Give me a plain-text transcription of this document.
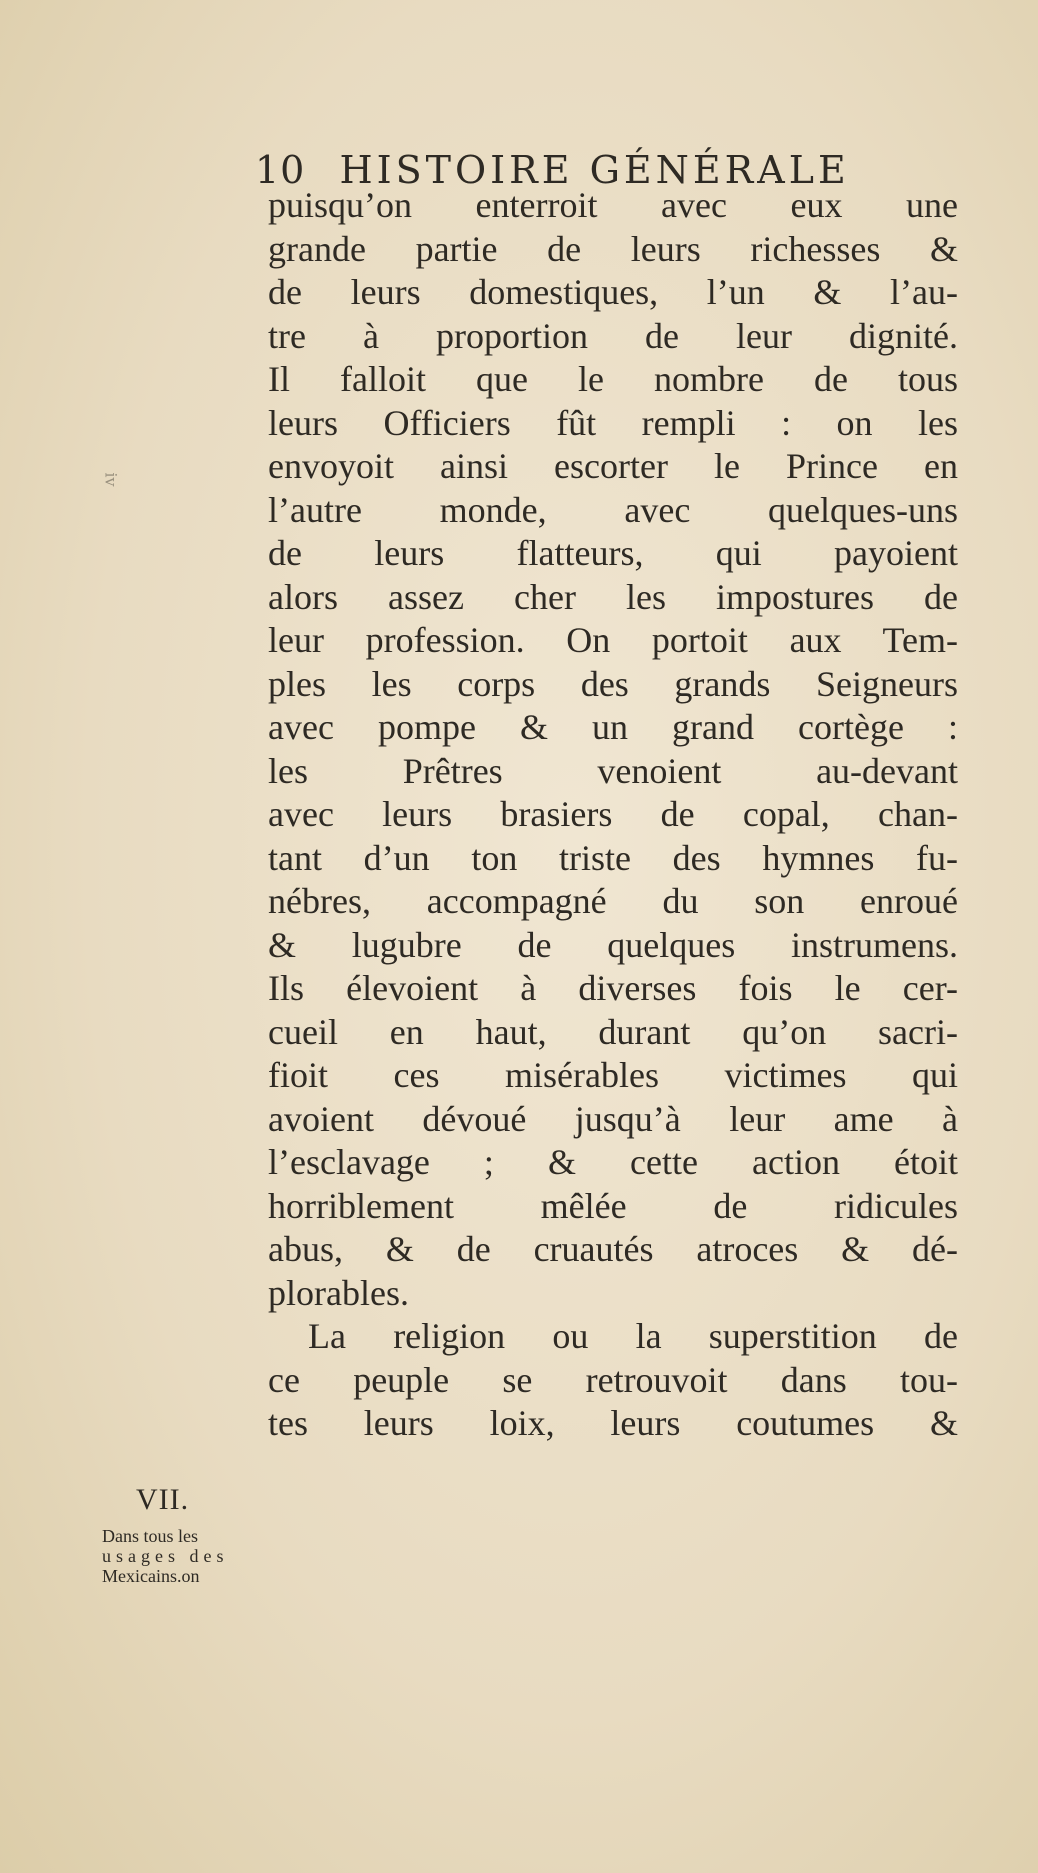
10 HISTOIRE GÉNÉRALE
ⅳ
puisqu’on enterroit avec eux une
grande partie de leurs richesses &
de leurs domestiques, l’un & l’au-
tre à proportion de leur dignité.
Il falloit que le nombre de tous
leurs Officiers fût rempli : on les
envoyoit ainsi escorter le Prince en
l’autre monde, avec quelques-uns
de leurs flatteurs, qui payoient
alors assez cher les impostures de
leur profession. On portoit aux Tem-
ples les corps des grands Seigneurs
avec pompe & un grand cortège :
les Prêtres venoient au-devant
avec leurs brasiers de copal, chan-
tant d’un ton triste des hymnes fu-
nébres, accompagné du son enroué
& lugubre de quelques instrumens.
Ils élevoient à diverses fois le cer-
cueil en haut, durant qu’on sacri-
fioit ces misérables victimes qui
avoient dévoué jusqu’à leur ame à
l’esclavage ; & cette action étoit
horriblement mêlée de ridicules
abus, & de cruautés atroces & dé-
plorables.
La religion ou la superstition de
ce peuple se retrouvoit dans tou-
tes leurs loix, leurs coutumes &
VII.
Dans tous les
usages des
Mexicains.on
